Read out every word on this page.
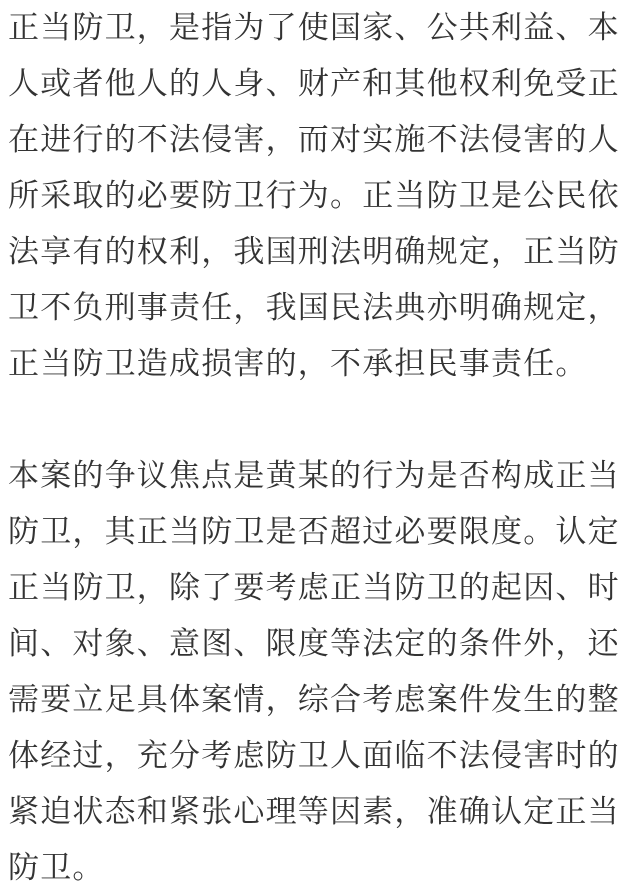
正当防卫，是指为了使国家、公共利益、本
人或者他人的人身、财产和其他权利免受正
在进行的不法侵害，而对实施不法侵害的人
所采取的必要防卫行为。正当防卫是公民依
法享有的权利，我国刑法明确规定，正当防
卫不负刑事责任，我国民法典亦明确规定，
正当防卫造成损害的，不承担民事责任。
本案的争议焦点是黄某的行为是否构成正当
防卫，其正当防卫是否超过必要限度。认定
正当防卫，除了要考虑正当防卫的起因、时
间、对象、意图、限度等法定的条件外，还
需要立足具体案情，综合考虑案件发生的整
体经过，充分考虑防卫人面临不法侵害时的
紧迫状态和紧张心理等因素，准确认定正当
防卫。
